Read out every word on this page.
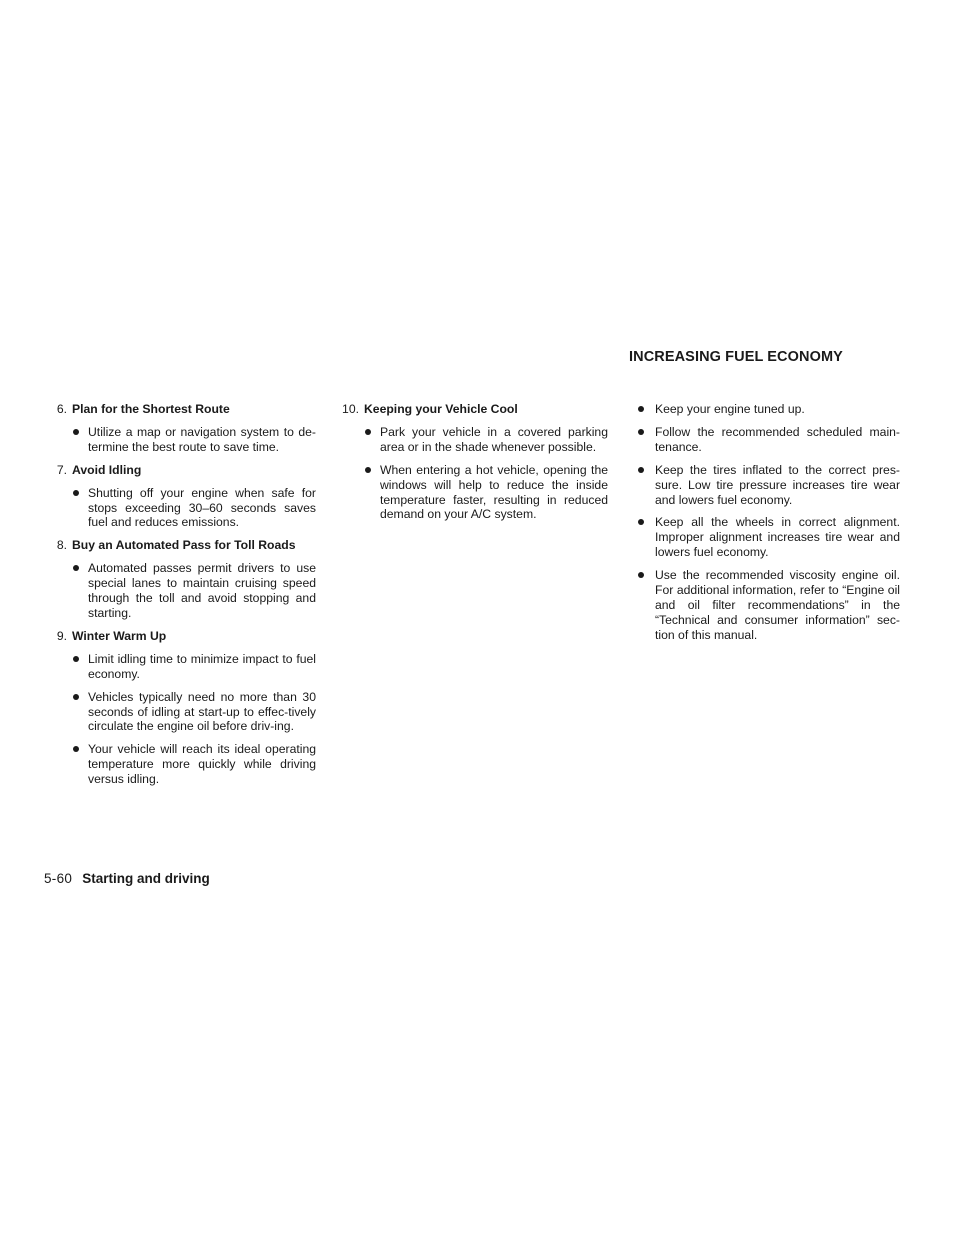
INCREASING FUEL ECONOMY
6. Plan for the Shortest Route
Utilize a map or navigation system to de-termine the best route to save time.
7. Avoid Idling
Shutting off your engine when safe for stops exceeding 30–60 seconds saves fuel and reduces emissions.
8. Buy an Automated Pass for Toll Roads
Automated passes permit drivers to use special lanes to maintain cruising speed through the toll and avoid stopping and starting.
9. Winter Warm Up
Limit idling time to minimize impact to fuel economy.
Vehicles typically need no more than 30 seconds of idling at start-up to effec-tively circulate the engine oil before driv-ing.
Your vehicle will reach its ideal operating temperature more quickly while driving versus idling.
10. Keeping your Vehicle Cool
Park your vehicle in a covered parking area or in the shade whenever possible.
When entering a hot vehicle, opening the windows will help to reduce the inside temperature faster, resulting in reduced demand on your A/C system.
Keep your engine tuned up.
Follow the recommended scheduled main-tenance.
Keep the tires inflated to the correct pres-sure. Low tire pressure increases tire wear and lowers fuel economy.
Keep all the wheels in correct alignment. Improper alignment increases tire wear and lowers fuel economy.
Use the recommended viscosity engine oil. For additional information, refer to “Engine oil and oil filter recommendations” in the “Technical and consumer information” sec-tion of this manual.
5-60 Starting and driving
